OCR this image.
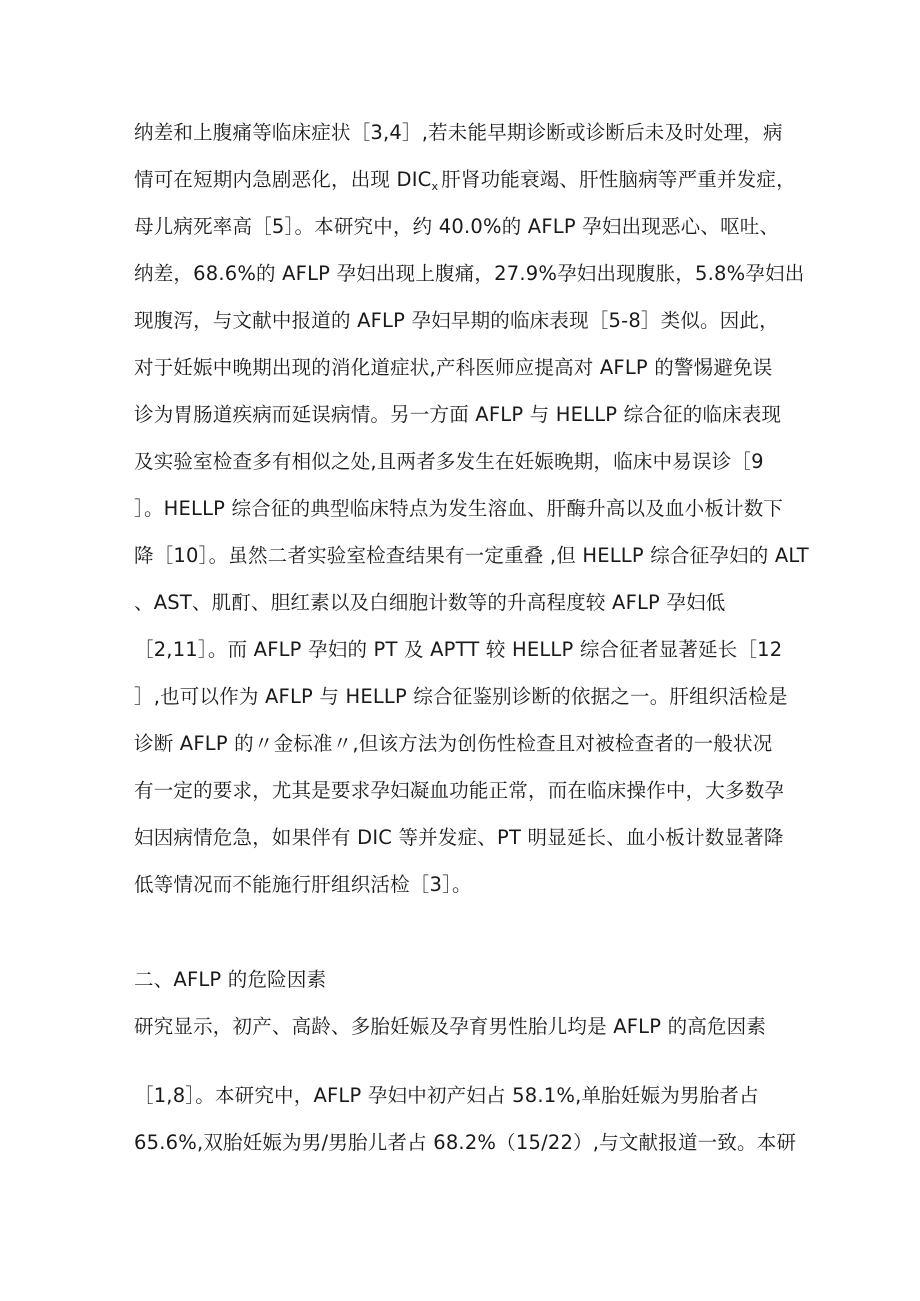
纳差和上腹痛等临床症状［3,4］,若未能早期诊断或诊断后未及时处理，病
情可在短期内急剧恶化，出现 $DIC_x$ 肝肾功能衰竭、肝性脑病等严重并发症，
母儿病死率高［5］。本研究中，约 40.0%的 AFLP 孕妇出现恶心、呕吐、
纳差，68.6%的 AFLP 孕妇出现上腹痛，27.9%孕妇出现腹胀，5.8%孕妇出
现腹泻，与文献中报道的 AFLP 孕妇早期的临床表现［5-8］类似。因此，
对于妊娠中晚期出现的消化道症状,产科医师应提高对 AFLP 的警惕避免误
诊为胃肠道疾病而延误病情。另一方面 AFLP 与 HELLP 综合征的临床表现
及实验室检查多有相似之处,且两者多发生在妊娠晚期，临床中易误诊［9
］。HELLP 综合征的典型临床特点为发生溶血、肝酶升高以及血小板计数下
降［10］。虽然二者实验室检查结果有一定重叠 ,但 HELLP 综合征孕妇的 ALT
、AST、肌酊、胆红素以及白细胞计数等的升高程度较 AFLP 孕妇低
［2,11］。而 AFLP 孕妇的 PT 及 APTT 较 HELLP 综合征者显著延长［12
］,也可以作为 AFLP 与 HELLP 综合征鉴别诊断的依据之一。肝组织活检是
诊断 AFLP 的〃金标准〃,但该方法为创伤性检查且对被检查者的一般状况
有一定的要求，尤其是要求孕妇凝血功能正常，而在临床操作中，大多数孕
妇因病情危急，如果伴有 DIC 等并发症、PT 明显延长、血小板计数显著降
低等情况而不能施行肝组织活检［3］。
二、AFLP 的危险因素
研究显示，初产、高龄、多胎妊娠及孕育男性胎儿均是 AFLP 的高危因素
［1,8］。本研究中，AFLP 孕妇中初产妇占 58.1%,单胎妊娠为男胎者占
65.6%,双胎妊娠为男/男胎儿者占 68.2%（15/22）,与文献报道一致。本研
